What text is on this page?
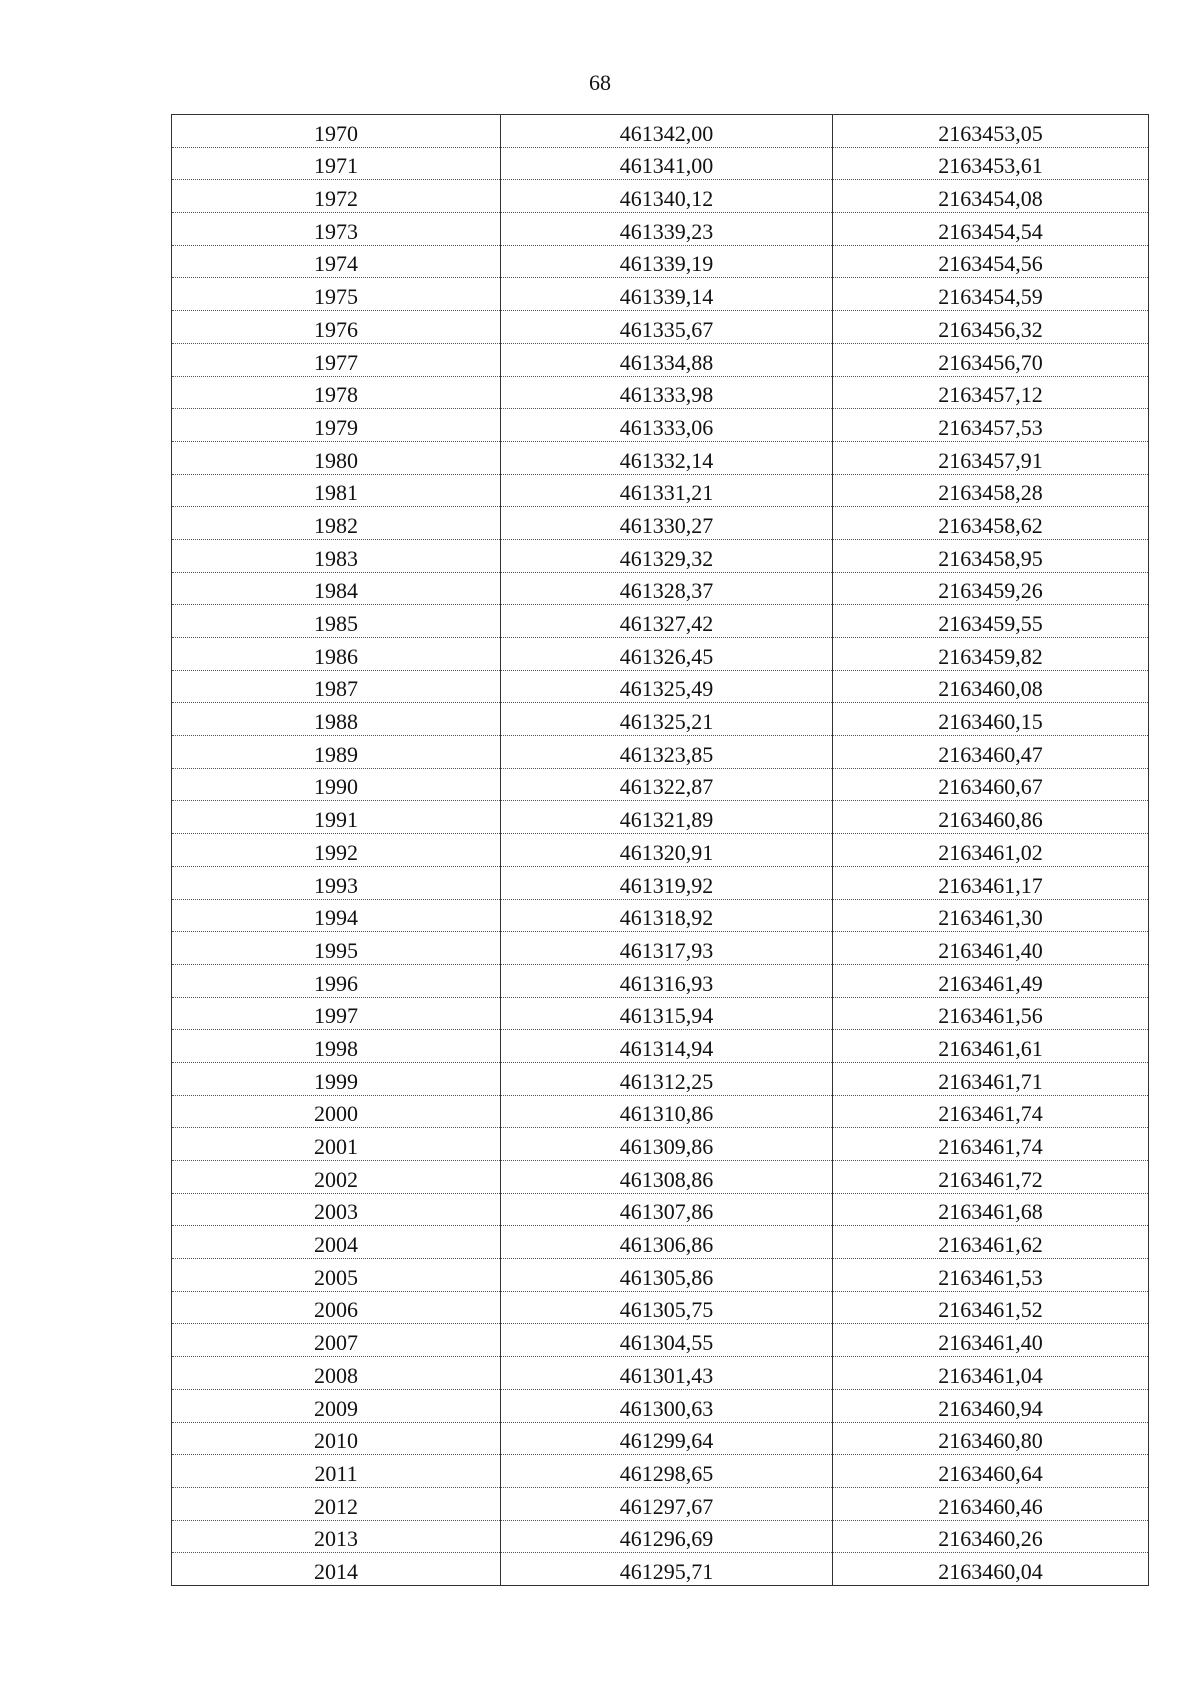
68
1970	461342,00	2163453,05
1971	461341,00	2163453,61
1972	461340,12	2163454,08
1973	461339,23	2163454,54
1974	461339,19	2163454,56
1975	461339,14	2163454,59
1976	461335,67	2163456,32
1977	461334,88	2163456,70
1978	461333,98	2163457,12
1979	461333,06	2163457,53
1980	461332,14	2163457,91
1981	461331,21	2163458,28
1982	461330,27	2163458,62
1983	461329,32	2163458,95
1984	461328,37	2163459,26
1985	461327,42	2163459,55
1986	461326,45	2163459,82
1987	461325,49	2163460,08
1988	461325,21	2163460,15
1989	461323,85	2163460,47
1990	461322,87	2163460,67
1991	461321,89	2163460,86
1992	461320,91	2163461,02
1993	461319,92	2163461,17
1994	461318,92	2163461,30
1995	461317,93	2163461,40
1996	461316,93	2163461,49
1997	461315,94	2163461,56
1998	461314,94	2163461,61
1999	461312,25	2163461,71
2000	461310,86	2163461,74
2001	461309,86	2163461,74
2002	461308,86	2163461,72
2003	461307,86	2163461,68
2004	461306,86	2163461,62
2005	461305,86	2163461,53
2006	461305,75	2163461,52
2007	461304,55	2163461,40
2008	461301,43	2163461,04
2009	461300,63	2163460,94
2010	461299,64	2163460,80
2011	461298,65	2163460,64
2012	461297,67	2163460,46
2013	461296,69	2163460,26
2014	461295,71	2163460,04
